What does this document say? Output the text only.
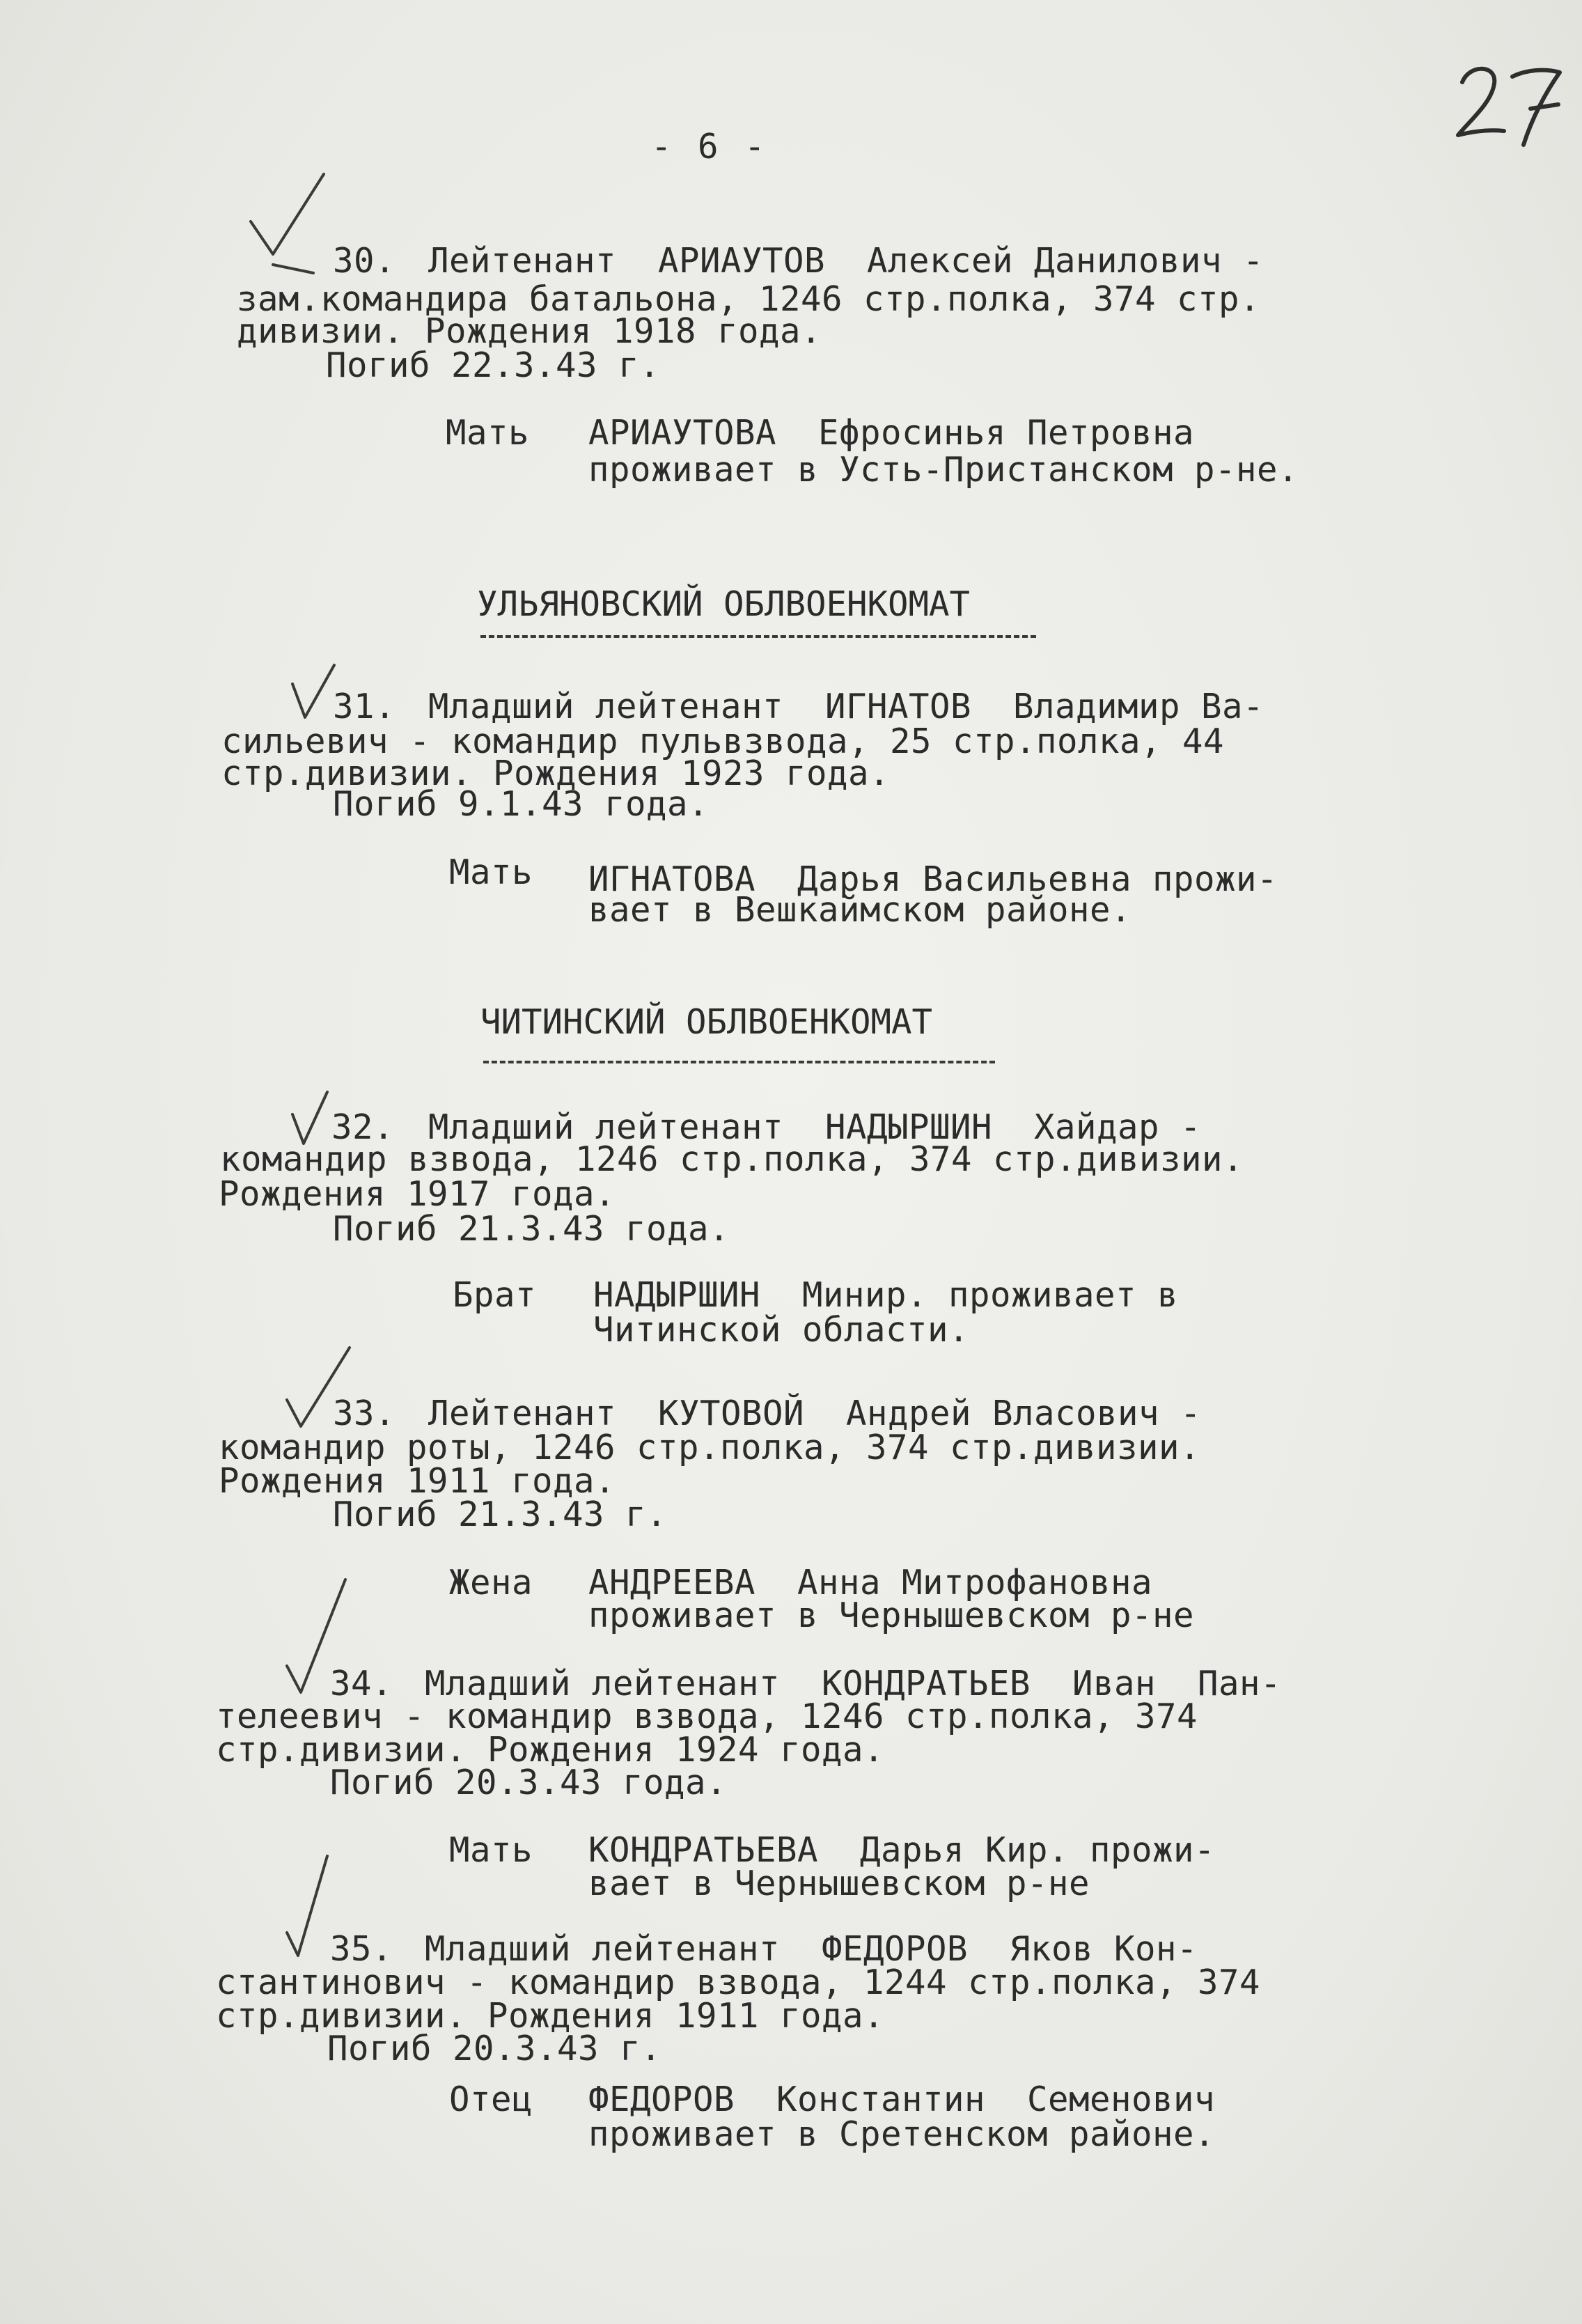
- 6 -
30. Лейтенант  АРИАУТОВ  Алексей Данилович -
зам.командира батальона, 1246 стр.полка, 374 стр.
дивизии. Рождения 1918 года.
Погиб 22.3.43 г.
Мать АРИАУТОВА  Ефросинья Петровна
проживает в Усть-Пристанском р-не.
УЛЬЯНОВСКИЙ ОБЛВОЕНКОМАТ
31. Младший лейтенант  ИГНАТОВ  Владимир Ва-
сильевич - командир пульвзвода, 25 стр.полка, 44
стр.дивизии. Рождения 1923 года.
Погиб 9.1.43 года.
Мать ИГНАТОВА  Дарья Васильевна прожи-
вает в Вешкаймском районе.
ЧИТИНСКИЙ ОБЛВОЕНКОМАТ
32. Младший лейтенант  НАДЫРШИН  Хайдар -
командир взвода, 1246 стр.полка, 374 стр.дивизии.
Рождения 1917 года.
Погиб 21.3.43 года.
Брат НАДЫРШИН  Минир. проживает в
Читинской области.
33. Лейтенант  КУТОВОЙ  Андрей Власович -
командир роты, 1246 стр.полка, 374 стр.дивизии.
Рождения 1911 года.
Погиб 21.3.43 г.
Жена АНДРЕЕВА  Анна Митрофановна
проживает в Чернышевском р-не
34. Младший лейтенант  КОНДРАТЬЕВ  Иван  Пан-
телеевич - командир взвода, 1246 стр.полка, 374
стр.дивизии. Рождения 1924 года.
Погиб 20.3.43 года.
Мать КОНДРАТЬЕВА  Дарья Кир. прожи-
вает в Чернышевском р-не
35. Младший лейтенант  ФЕДОРОВ  Яков Кон-
стантинович - командир взвода, 1244 стр.полка, 374
стр.дивизии. Рождения 1911 года.
Погиб 20.3.43 г.
Отец ФЕДОРОВ  Константин  Семенович
проживает в Сретенском районе.
